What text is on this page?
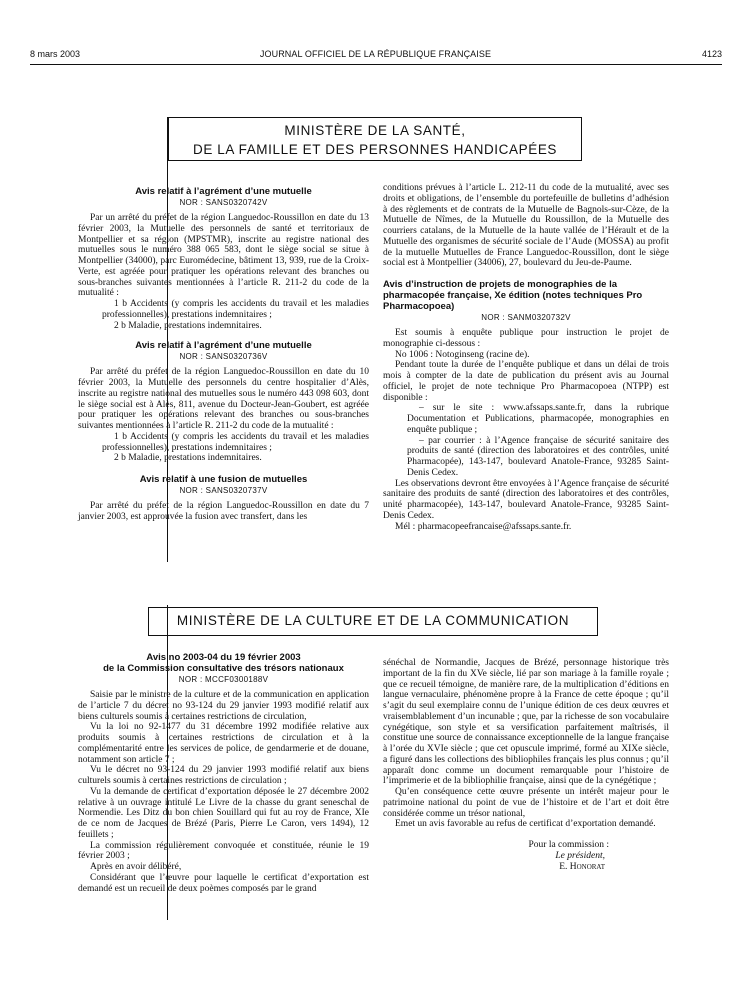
8 mars 2003	JOURNAL OFFICIEL DE LA RÉPUBLIQUE FRANÇAISE	4123
MINISTÈRE DE LA SANTÉ,
DE LA FAMILLE ET DES PERSONNES HANDICAPÉES
Avis relatif à l’agrément d’une mutuelle
NOR : SANS0320742V

Par un arrêté du préfet de la région Languedoc-Roussillon en date du 13 février 2003, la Mutuelle des personnels de santé et territoriaux de Montpellier et sa région (MPSTMR), inscrite au registre national des mutuelles sous le numéro 388 065 583, dont le siège social se situe à Montpellier (34000), parc Euromédecine, bâtiment 13, 939, rue de la Croix-Verte, est agréée pour pratiquer les opérations relevant des branches ou sous-branches suivantes mentionnées à l’article R. 211-2 du code de la mutualité :

1 b Accidents (y compris les accidents du travail et les maladies professionnelles), prestations indemnitaires ;

2 b Maladie, prestations indemnitaires.

Avis relatif à l’agrément d’une mutuelle
NOR : SANS0320736V

Par arrêté du préfet de la région Languedoc-Roussillon en date du 10 février 2003, la Mutuelle des personnels du centre hospitalier d’Alès, inscrite au registre national des mutuelles sous le numéro 443 098 603, dont le siège social est à Alès, 811, avenue du Docteur-Jean-Goubert, est agréée pour pratiquer les opérations relevant des branches ou sous-branches suivantes mentionnées à l’article R. 211-2 du code de la mutualité :

1 b Accidents (y compris les accidents du travail et les maladies professionnelles), prestations indemnitaires ;

2 b Maladie, prestations indemnitaires.

Avis relatif à une fusion de mutuelles
NOR : SANS0320737V

Par arrêté du préfet de la région Languedoc-Roussillon en date du 7 janvier 2003, est approuvée la fusion avec transfert, dans les

conditions prévues à l’article L. 212-11 du code de la mutualité, avec ses droits et obligations, de l’ensemble du portefeuille de bulletins d’adhésion à des règlements et de contrats de la Mutuelle de Bagnols-sur-Cèze, de la Mutuelle de Nîmes, de la Mutuelle du Roussillon, de la Mutuelle des courriers catalans, de la Mutuelle de la haute vallée de l’Hérault et de la Mutuelle des organismes de sécurité sociale de l’Aude (MOSSA) au profit de la mutuelle Mutuelles de France Languedoc-Roussillon, dont le siège social est à Montpellier (34006), 27, boulevard du Jeu-de-Paume.

Avis d’instruction de projets de monographies de la pharmacopée française, Xe édition (notes techniques Pro Pharmacopoea)
NOR : SANM0320732V

Est soumis à enquête publique pour instruction le projet de monographie ci-dessous :

No 1006 : Notoginseng (racine de).

Pendant toute la durée de l’enquête publique et dans un délai de trois mois à compter de la date de publication du présent avis au Journal officiel, le projet de note technique Pro Pharmacopoea (NTPP) est disponible :

– sur le site : www.afssaps.sante.fr, dans la rubrique Documentation et Publications, pharmacopée, monographies en enquête publique ;

– par courrier : à l’Agence française de sécurité sanitaire des produits de santé (direction des laboratoires et des contrôles, unité Pharmacopée), 143-147, boulevard Anatole-France, 93285 Saint-Denis Cedex.

Les observations devront être envoyées à l’Agence française de sécurité sanitaire des produits de santé (direction des laboratoires et des contrôles, unité pharmacopée), 143-147, boulevard Anatole-France, 93285 Saint-Denis Cedex.

Mél : pharmacopeefrancaise@afssaps.sante.fr.

MINISTÈRE DE LA CULTURE ET DE LA COMMUNICATION
Avis no 2003-04 du 19 février 2003
de la Commission consultative des trésors nationaux
NOR : MCCF0300188V

Saisie par le ministre de la culture et de la communication en application de l’article 7 du décret no 93-124 du 29 janvier 1993 modifié relatif aux biens culturels soumis à certaines restrictions de circulation,

Vu la loi no 92-1477 du 31 décembre 1992 modifiée relative aux produits soumis à certaines restrictions de circulation et à la complémentarité entre les services de police, de gendarmerie et de douane, notamment son article 7 ;

Vu le décret no 93-124 du 29 janvier 1993 modifié relatif aux biens culturels soumis à certaines restrictions de circulation ;

Vu la demande de certificat d’exportation déposée le 27 décembre 2002 relative à un ouvrage intitulé Le Livre de la chasse du grant seneschal de Normendie. Les Ditz du bon chien Souillard qui fut au roy de France, XIe de ce nom de Jacques de Brézé (Paris, Pierre Le Caron, vers 1494), 12 feuillets ;

La commission régulièrement convoquée et constituée, réunie le 19 février 2003 ;

Après en avoir délibéré,

Considérant que l’œuvre pour laquelle le certificat d’exportation est demandé est un recueil de deux poèmes composés par le grand

sénéchal de Normandie, Jacques de Brézé, personnage historique très important de la fin du XVe siècle, lié par son mariage à la famille royale ; que ce recueil témoigne, de manière rare, de la multiplication d’éditions en langue vernaculaire, phénomène propre à la France de cette époque ; qu’il s’agit du seul exemplaire connu de l’unique édition de ces deux œuvres et vraisemblablement d’un incunable ; que, par la richesse de son vocabulaire cynégétique, son style et sa versification parfaitement maîtrisés, il constitue une source de connaissance exceptionnelle de la langue française à l’orée du XVIe siècle ; que cet opuscule imprimé, formé au XIXe siècle, a figuré dans les collections des bibliophiles français les plus connus ; qu’il apparaît donc comme un document remarquable pour l’histoire de l’imprimerie et de la bibliophilie française, ainsi que de la cynégétique ;

Qu’en conséquence cette œuvre présente un intérêt majeur pour le patrimoine national du point de vue de l’histoire et de l’art et doit être considérée comme un trésor national,

Emet un avis favorable au refus de certificat d’exportation demandé.

Pour la commission :

Le président,

E. Honorat
